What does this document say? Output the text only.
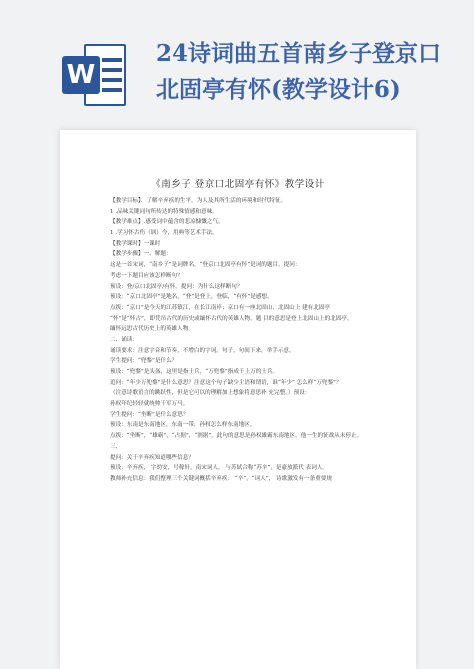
W
24诗词曲五首南乡子登京口北固亭有怀(教学设计6)
《南乡子 登京口北固亭有怀》教学设计
【教学目标】．了解辛弃疾的生平，为人及其所生活的环境和时代特征。
1 .品味关键词句所传达的特殊情感和意味。
【教学难点】.感受词中蕴含的悲凉慷慨之气。
1 .学习怀古伤（讽）今，用典等艺术手法。
【教学课时】一课时
【教学步骤】一、解题：
这是一首宋词，“南乡子”是词牌名，“登京口北固亭有怀”是词的题目。提问：
考虑一下题目应该怎样断句？
预设：登/京口北固亭/有怀。提问：为什么这样断句？
预设：“京口北固亭”是地名，“登”是登上，登临，“有怀”是感想。
点拨：“京口”是今天的江苏镇江，在长江南岸；京口有一座北固山，北固山上 建有北固亭
“怀”是“怀古”，即凭吊古代的历史或缅怀古代的英雄人物。题 目的意思是登上北固山上的北固亭，
缅怀远思古代历史上的英雄人物。
二、诵读：
诵读要求：注意字音和节奏，不增白的字词，句子，句间下来，举手示意。
学生提问：“兜鍪”是什么？
预设：“兜鍪”是头盔，这里是指士兵，“万兜鍪”指成千上万的士兵。
追问：“年少万兜鍪”是什么意思？注意这个句子缺少主语和谓语，谁“年少” 怎么样“万兜鍪”？
（注意诗歌语言的跳跃性，但是它可以的理解加上想象将意思补 充完整。）预设：
孙权年纪轻轻就统帅千军万马。
学生提问：“坐断”是什么意思？
预设：东南是东南地区，东南一带，孙权怎么样东南地区。
点拨：“坐断”，“雄霸”，“占据”，“割据”。此句的意思是孙权雄霸东南地区，他一生的征战从未停止。
三、
提问：关于辛弃疾知道哪些信息？
预设：辛弃疾， 字幼安，号稼轩，南宋词人， 与苏轼合称“苏辛”，是豪放派代 表词人。
教师补充信息：我们整理三个关键词概括辛弃疾： “辛”，“词人”， 诗歌激发有一条重要规
